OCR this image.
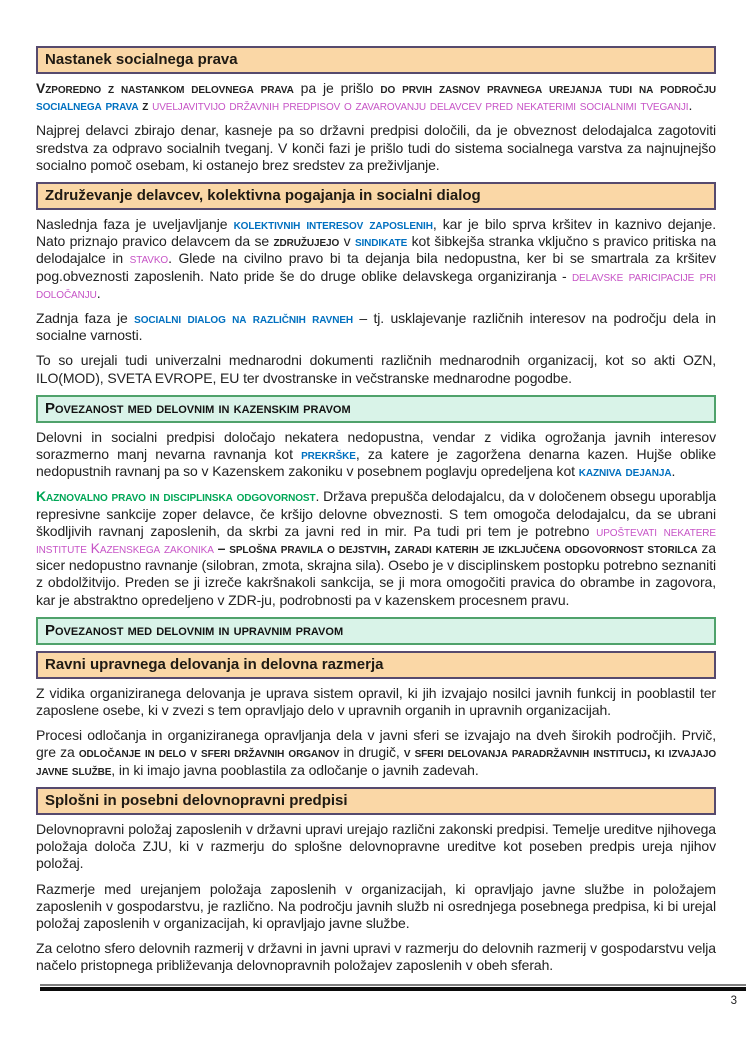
Nastanek socialnega prava

Vzporedno z nastankom delovnega prava pa je prišlo do prvih zasnov pravnega urejanja tudi na področju socialnega prava z uveljavitvijo državnih predpisov o zavarovanju delavcev pred nekaterimi socialnimi tveganji.

Najprej delavci zbirajo denar, kasneje pa so državni predpisi določili, da je obveznost delodajalca zagotoviti sredstva za odpravo socialnih tveganj. V konči fazi je prišlo tudi do sistema socialnega varstva za najnujnejšo socialno pomoč osebam, ki ostanejo brez sredstev za preživljanje.

Združevanje delavcev, kolektivna pogajanja in socialni dialog

Naslednja faza je uveljavljanje kolektivnih interesov zaposlenih, kar je bilo sprva kršitev in kaznivo dejanje. Nato priznajo pravico delavcem da se združujejo v sindikate kot šibkejša stranka vključno s pravico pritiska na delodajalce in stavko. Glede na civilno pravo bi ta dejanja bila nedopustna, ker bi se smartrala za kršitev pog.obveznosti zaposlenih. Nato pride še do druge oblike delavskega organiziranja - delavske paricipacije pri določanju.

Zadnja faza je socialni dialog na različnih ravneh – tj. usklajevanje različnih interesov na področju dela in socialne varnosti.

To so urejali tudi univerzalni mednarodni dokumenti različnih mednarodnih organizacij, kot so akti OZN, ILO(MOD), SVETA EVROPE, EU ter dvostranske in večstranske mednarodne pogodbe.

Povezanost med delovnim in kazenskim pravom

Delovni in socialni predpisi določajo nekatera nedopustna, vendar z vidika ogrožanja javnih interesov sorazmerno manj nevarna ravnanja kot prekrške, za katere je zagoržena denarna kazen. Hujše oblike nedopustnih ravnanj pa so v Kazenskem zakoniku v posebnem poglavju opredeljena kot kazniva dejanja.

Kaznovalno pravo in disciplinska odgovornost. Država prepušča delodajalcu, da v določenem obsegu uporablja represivne sankcije zoper delavce, če kršijo delovne obveznosti. S tem omogoča delodajalcu, da se ubrani škodljivih ravnanj zaposlenih, da skrbi za javni red in mir. Pa tudi pri tem je potrebno upoštevati nekatere institute Kazenskega zakonika – splošna pravila o dejstvih, zaradi katerih je izključena odgovornost storilca za sicer nedopustno ravnanje (silobran, zmota, skrajna sila). Osebo je v disciplinskem postopku potrebno seznaniti z obdolžitvijo. Preden se ji izreče kakršnakoli sankcija, se ji mora omogočiti pravica do obrambe in zagovora, kar je abstraktno opredeljeno v ZDR-ju, podrobnosti pa v kazenskem procesnem pravu.

Povezanost med delovnim in upravnim pravom
Ravni upravnega delovanja in delovna razmerja

Z vidika organiziranega delovanja je uprava sistem opravil, ki jih izvajajo nosilci javnih funkcij in pooblastil ter zaposlene osebe, ki v zvezi s tem opravljajo delo v upravnih organih in upravnih organizacijah.

Procesi odločanja in organiziranega opravljanja dela v javni sferi se izvajajo na dveh širokih področjih. Prvič, gre za odločanje in delo v sferi državnih organov in drugič, v sferi delovanja paradržavnih institucij, ki izvajajo javne službe, in ki imajo javna pooblastila za odločanje o javnih zadevah.

Splošni in posebni delovnopravni predpisi

Delovnopravni položaj zaposlenih v državni upravi urejajo različni zakonski predpisi. Temelje ureditve njihovega položaja določa ZJU, ki v razmerju do splošne delovnopravne ureditve kot poseben predpis ureja njihov položaj.

Razmerje med urejanjem položaja zaposlenih v organizacijah, ki opravljajo javne službe in položajem zaposlenih v gospodarstvu, je različno. Na področju javnih služb ni osrednjega posebnega predpisa, ki bi urejal položaj zaposlenih v organizacijah, ki opravljajo javne službe.

Za celotno sfero delovnih razmerij v državni in javni upravi v razmerju do delovnih razmerij v gospodarstvu velja načelo pristopnega približevanja delovnopravnih položajev zaposlenih v obeh sferah.

3
